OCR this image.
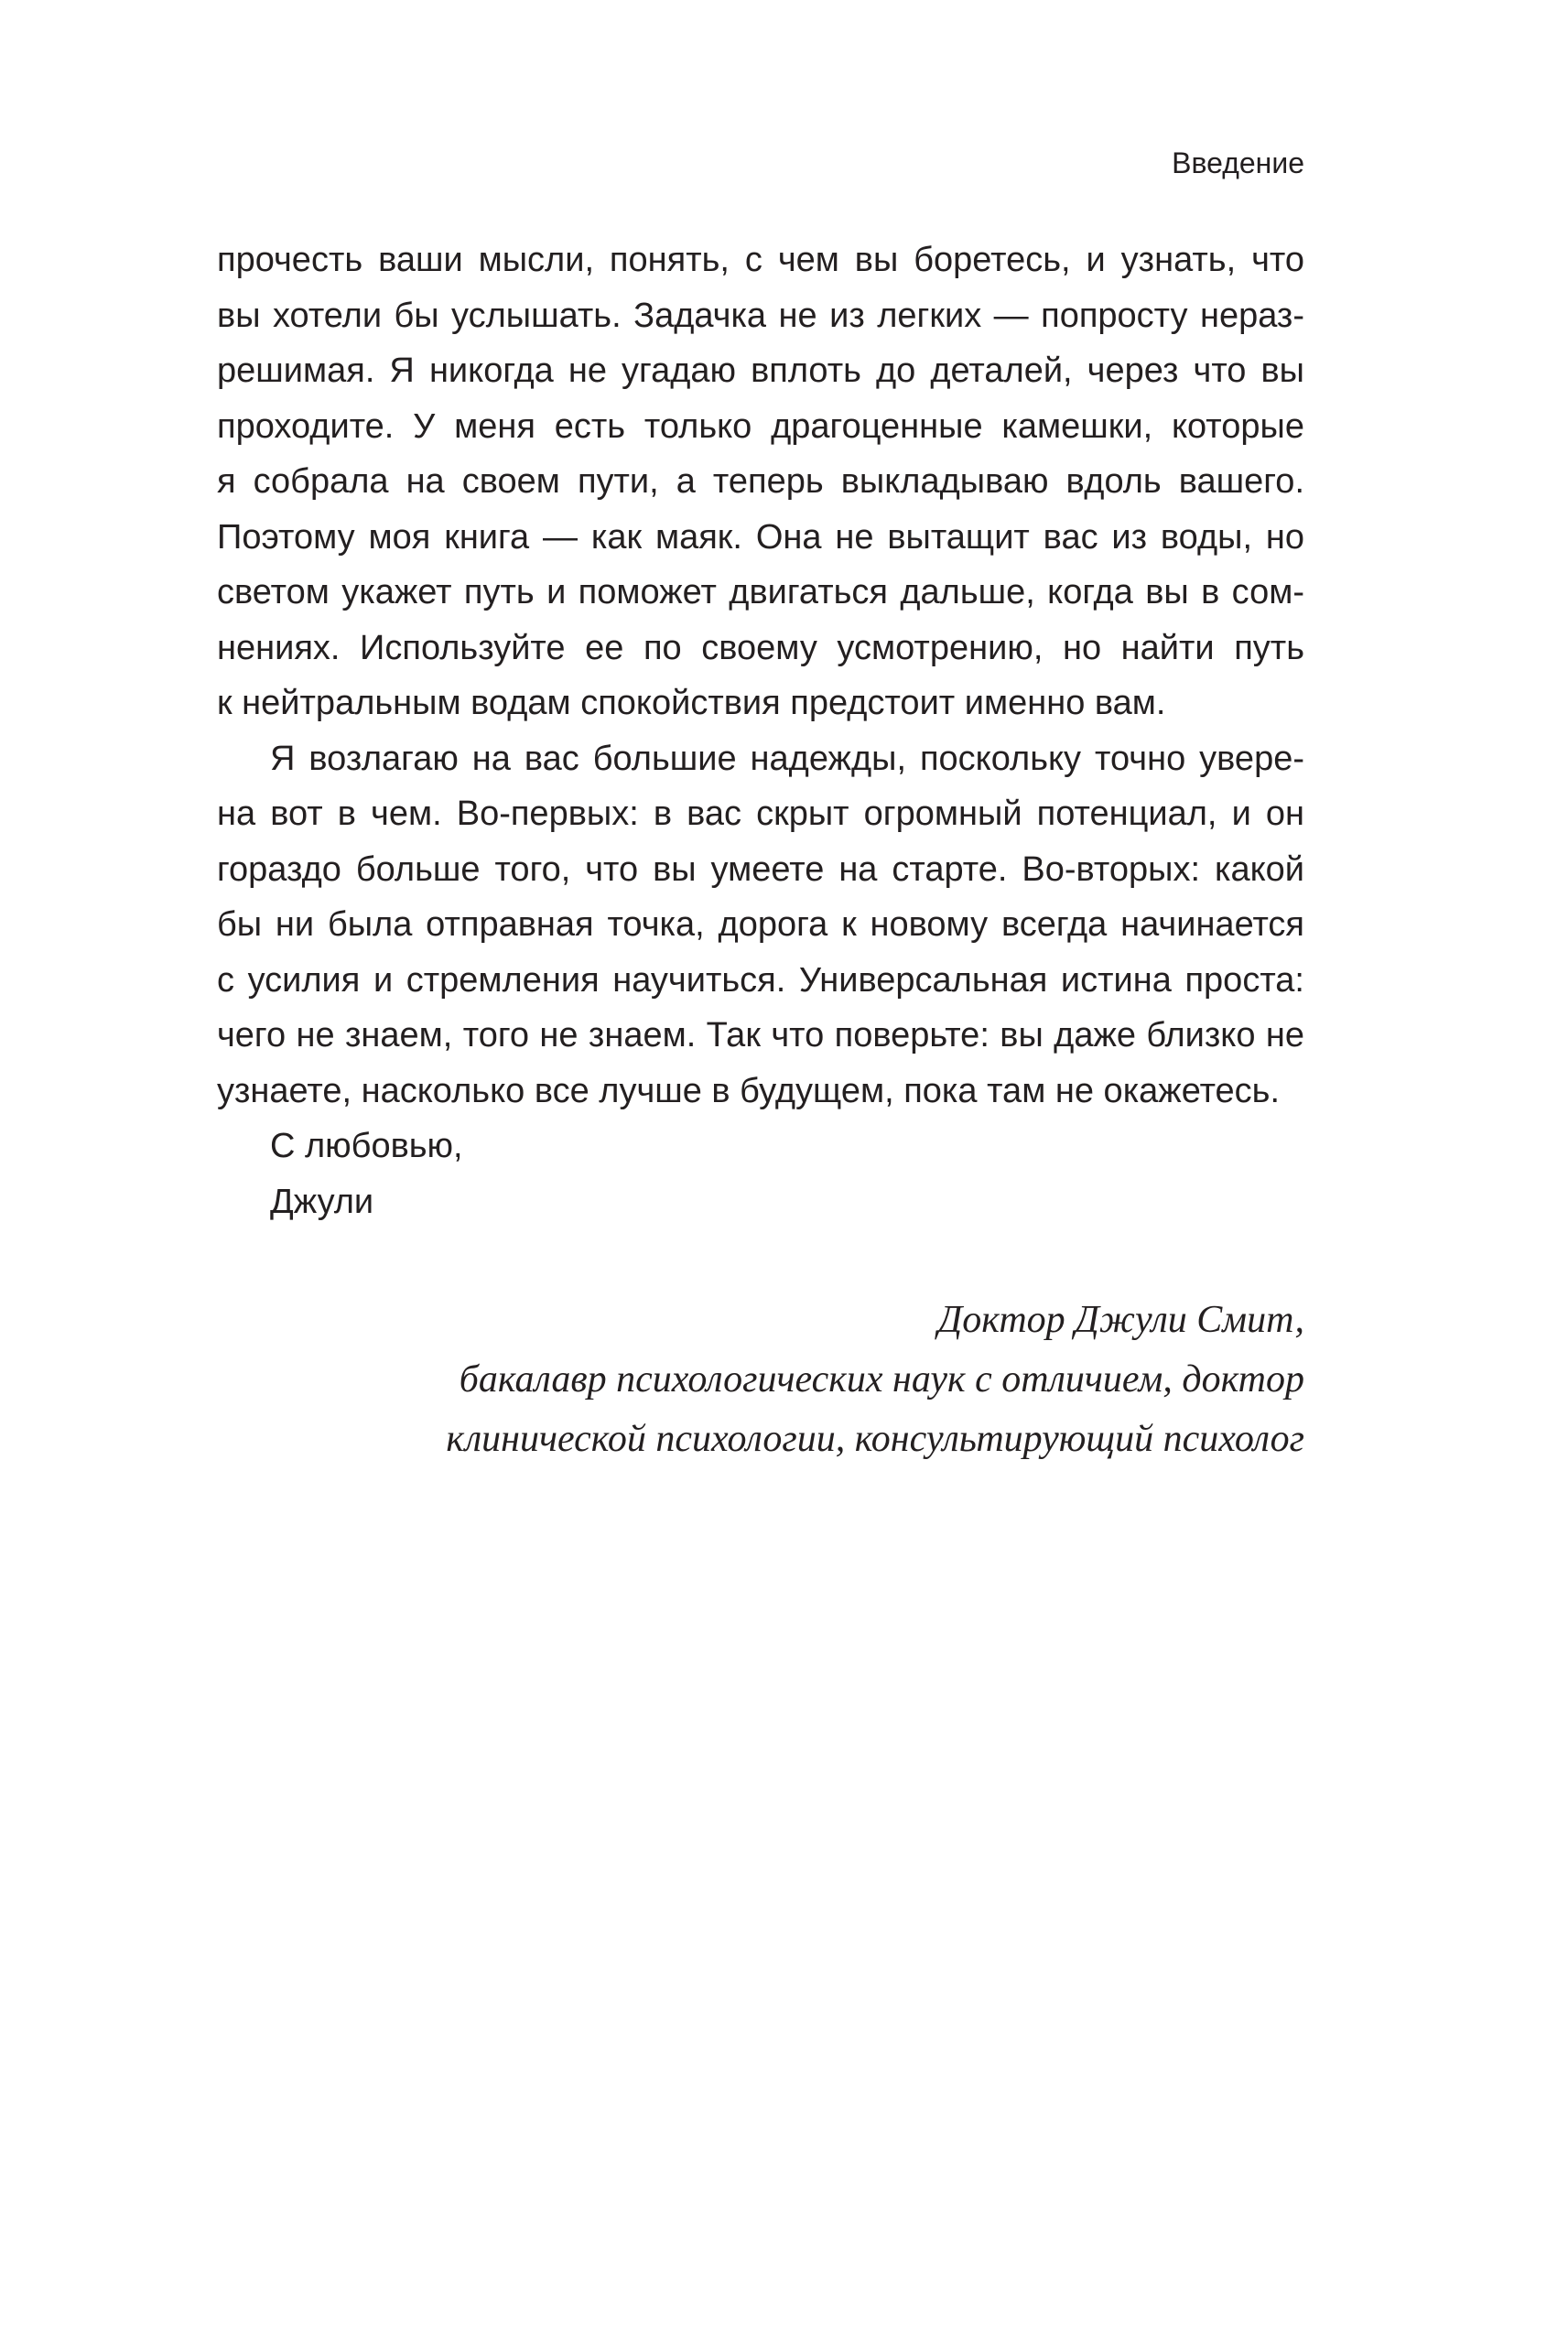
Введение
прочесть ваши мысли, понять, с чем вы боретесь, и узнать, что
вы хотели бы услышать. Задачка не из легких — попросту нераз-
решимая. Я никогда не угадаю вплоть до деталей, через что вы
проходите. У меня есть только драгоценные камешки, которые
я собрала на своем пути, а теперь выкладываю вдоль вашего.
Поэтому моя книга — как маяк. Она не вытащит вас из воды, но
светом укажет путь и поможет двигаться дальше, когда вы в сом-
нениях. Используйте ее по своему усмотрению, но найти путь
к нейтральным водам спокойствия предстоит именно вам.
Я возлагаю на вас большие надежды, поскольку точно увере-
на вот в чем. Во-первых: в вас скрыт огромный потенциал, и он
гораздо больше того, что вы умеете на старте. Во-вторых: какой
бы ни была отправная точка, дорога к новому всегда начинается
с усилия и стремления научиться. Универсальная истина проста:
чего не знаем, того не знаем. Так что поверьте: вы даже близко не
узнаете, насколько все лучше в будущем, пока там не окажетесь.
С любовью,
Джули
Доктор Джули Смит,
бакалавр психологических наук с отличием, доктор
клинической психологии, консультирующий психолог
